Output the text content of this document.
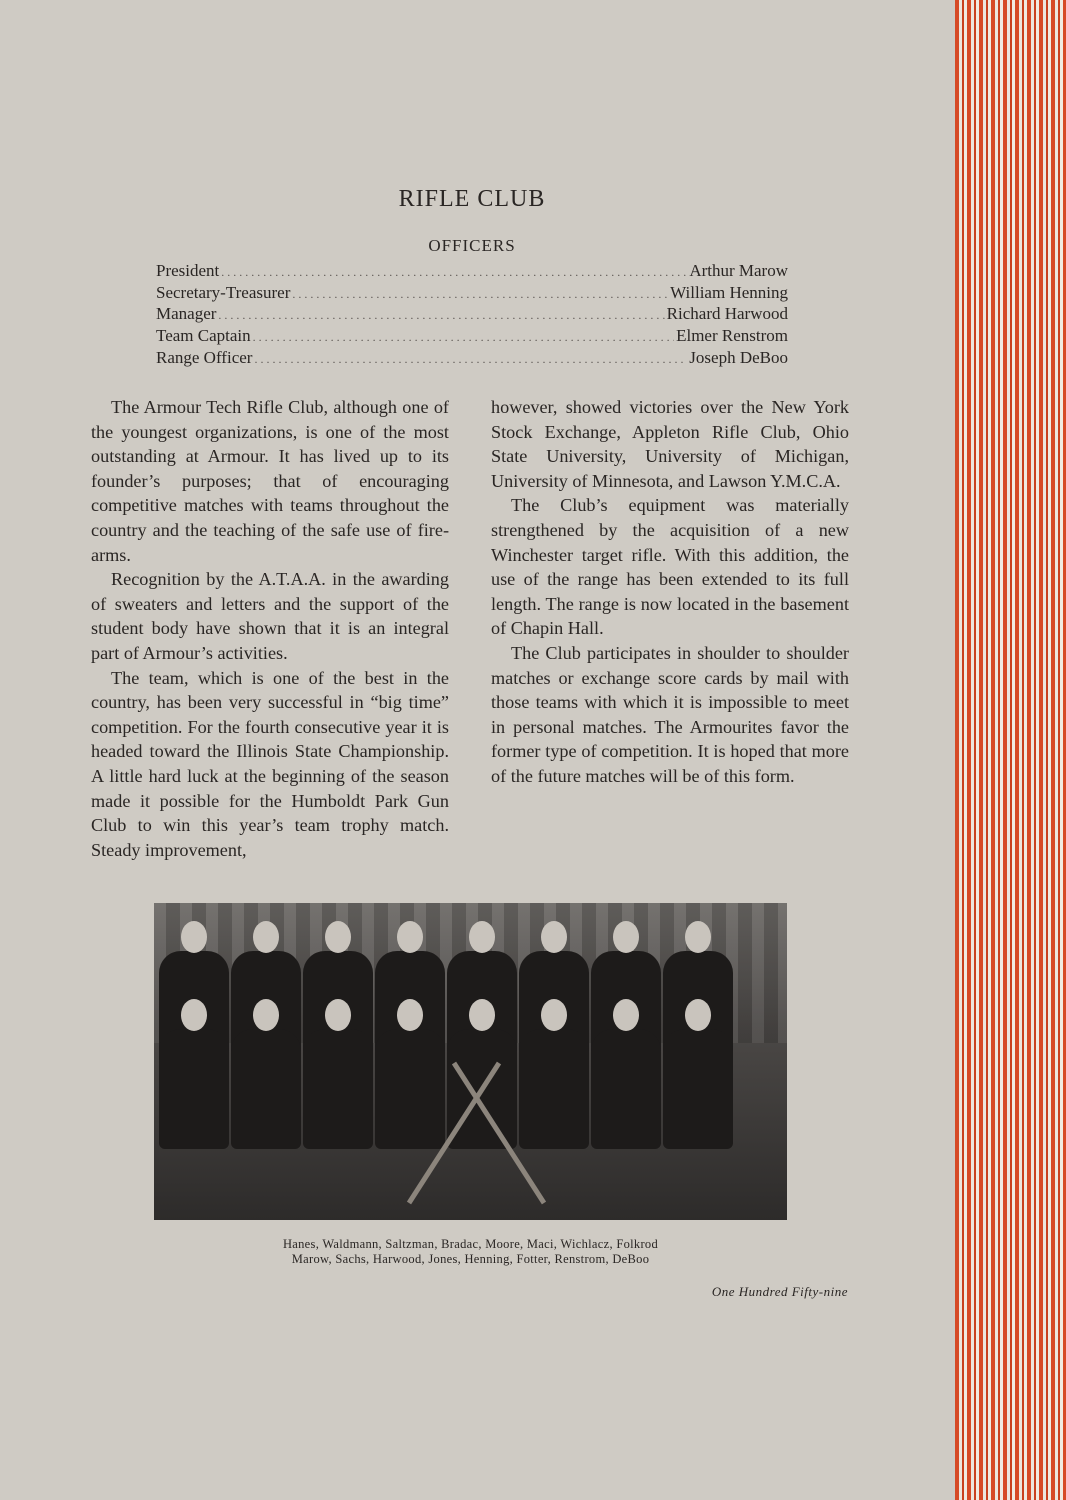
RIFLE CLUB
OFFICERS
President .....	Arthur Marow
Secretary-Treasurer .....	William Henning
Manager .....	Richard Harwood
Team Captain .....	Elmer Renstrom
Range Officer .....	Joseph DeBoo

The Armour Tech Rifle Club, although one of the youngest organizations, is one of the most outstanding at Armour. It has lived up to its founder’s purposes; that of encouraging competitive matches with teams throughout the country and the teaching of the safe use of fire-arms.

Recognition by the A.T.A.A. in the awarding of sweaters and letters and the support of the student body have shown that it is an integral part of Armour’s activities.

The team, which is one of the best in the country, has been very successful in “big time” competition. For the fourth consecutive year it is headed toward the Illinois State Championship. A little hard luck at the beginning of the season made it possible for the Humboldt Park Gun Club to win this year’s team trophy match. Steady improvement,

however, showed victories over the New York Stock Exchange, Appleton Rifle Club, Ohio State University, University of Michigan, University of Minnesota, and Lawson Y.M.C.A.

The Club’s equipment was materially strengthened by the acquisition of a new Winchester target rifle. With this addition, the use of the range has been extended to its full length. The range is now located in the basement of Chapin Hall.

The Club participates in shoulder to shoulder matches or exchange score cards by mail with those teams with which it is impossible to meet in personal matches. The Armourites favor the former type of competition. It is hoped that more of the future matches will be of this form.

Hanes, Waldmann, Saltzman, Bradac, Moore, Maci, Wichlacz, Folkrod
Marow, Sachs, Harwood, Jones, Henning, Fotter, Renstrom, DeBoo
One Hundred Fifty-nine
